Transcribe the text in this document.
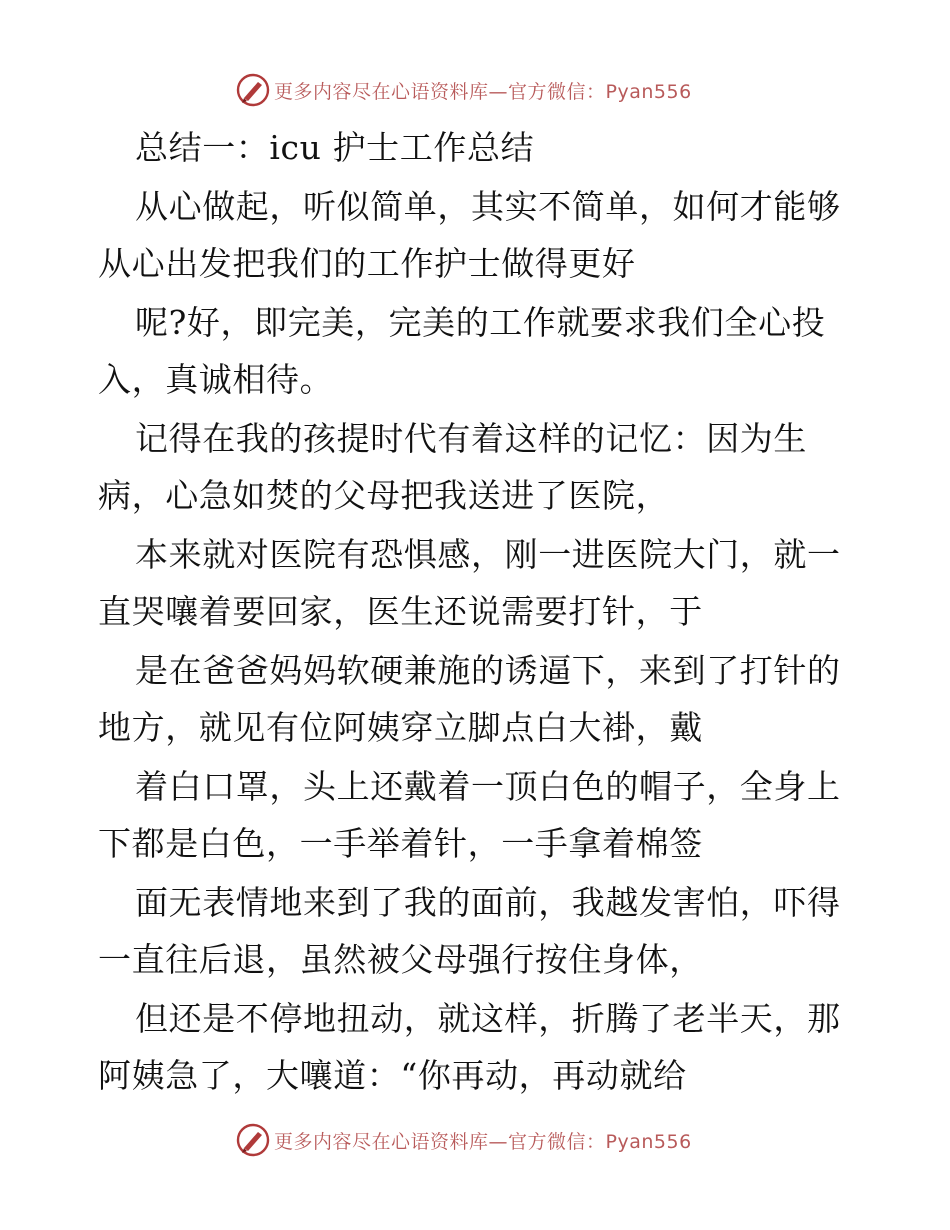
更多内容尽在心语资料库—官方微信：Pyan556
总结一：icu 护士工作总结
从心做起，听似简单，其实不简单，如何才能够
从心出发把我们的工作护士做得更好
呢?好，即完美，完美的工作就要求我们全心投
入，真诚相待。
记得在我的孩提时代有着这样的记忆：因为生
病，心急如焚的父母把我送进了医院，
本来就对医院有恐惧感，刚一进医院大门，就一
直哭嚷着要回家，医生还说需要打针，于
是在爸爸妈妈软硬兼施的诱逼下，来到了打针的
地方，就见有位阿姨穿立脚点白大褂，戴
着白口罩，头上还戴着一顶白色的帽子，全身上
下都是白色，一手举着针，一手拿着棉签
面无表情地来到了我的面前，我越发害怕，吓得
一直往后退，虽然被父母强行按住身体，
但还是不停地扭动，就这样，折腾了老半天，那
阿姨急了，大嚷道：“你再动，再动就给
更多内容尽在心语资料库—官方微信：Pyan556
